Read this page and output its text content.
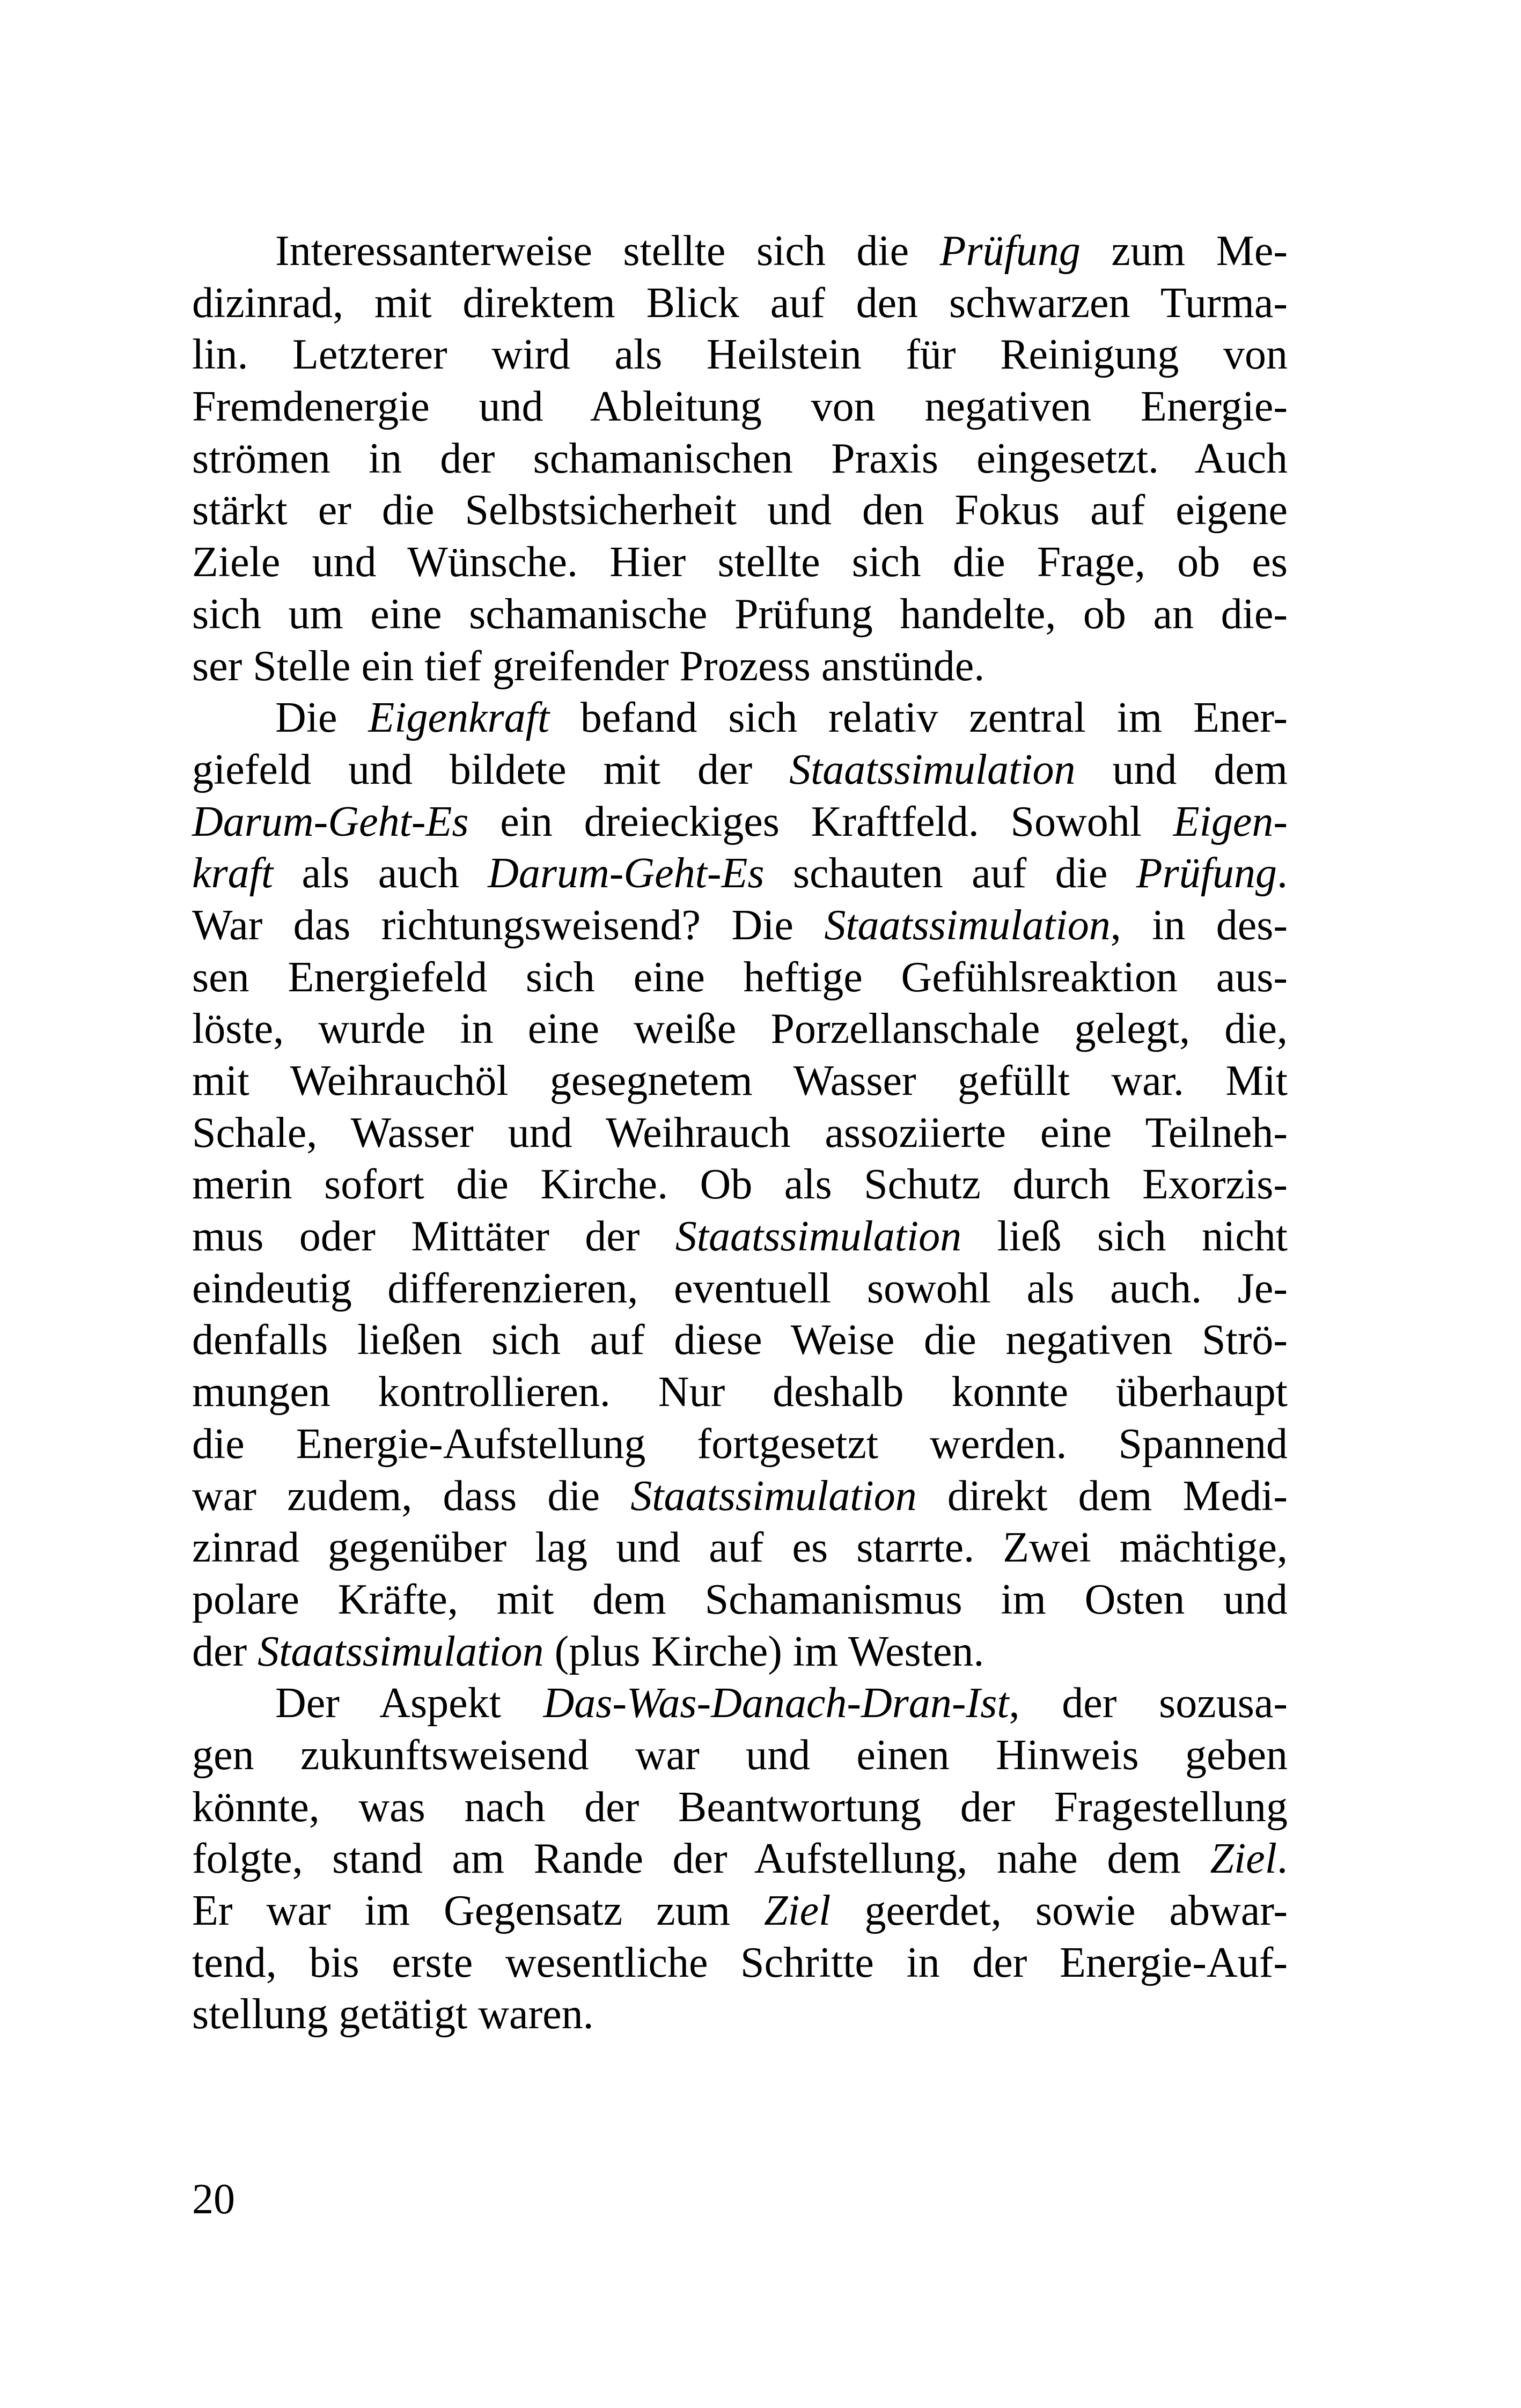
Interessanterweise stellte sich die Prüfung zum Me-
dizinrad, mit direktem Blick auf den schwarzen Turma-
lin. Letzterer wird als Heilstein für Reinigung von
Fremdenergie und Ableitung von negativen Energie-
strömen in der schamanischen Praxis eingesetzt. Auch
stärkt er die Selbstsicherheit und den Fokus auf eigene
Ziele und Wünsche. Hier stellte sich die Frage, ob es
sich um eine schamanische Prüfung handelte, ob an die-
ser Stelle ein tief greifender Prozess anstünde.
Die Eigenkraft befand sich relativ zentral im Ener-
giefeld und bildete mit der Staatssimulation und dem
Darum-Geht-Es ein dreieckiges Kraftfeld. Sowohl Eigen-
kraft als auch Darum-Geht-Es schauten auf die Prüfung.
War das richtungsweisend? Die Staatssimulation, in des-
sen Energiefeld sich eine heftige Gefühlsreaktion aus-
löste, wurde in eine weiße Porzellanschale gelegt, die,
mit Weihrauchöl gesegnetem Wasser gefüllt war. Mit
Schale, Wasser und Weihrauch assoziierte eine Teilneh-
merin sofort die Kirche. Ob als Schutz durch Exorzis-
mus oder Mittäter der Staatssimulation ließ sich nicht
eindeutig differenzieren, eventuell sowohl als auch. Je-
denfalls ließen sich auf diese Weise die negativen Strö-
mungen kontrollieren. Nur deshalb konnte überhaupt
die Energie-Aufstellung fortgesetzt werden. Spannend
war zudem, dass die Staatssimulation direkt dem Medi-
zinrad gegenüber lag und auf es starrte. Zwei mächtige,
polare Kräfte, mit dem Schamanismus im Osten und
der Staatssimulation (plus Kirche) im Westen.
Der Aspekt Das-Was-Danach-Dran-Ist, der sozusa-
gen zukunftsweisend war und einen Hinweis geben
könnte, was nach der Beantwortung der Fragestellung
folgte, stand am Rande der Aufstellung, nahe dem Ziel.
Er war im Gegensatz zum Ziel geerdet, sowie abwar-
tend, bis erste wesentliche Schritte in der Energie-Auf-
stellung getätigt waren.
20
